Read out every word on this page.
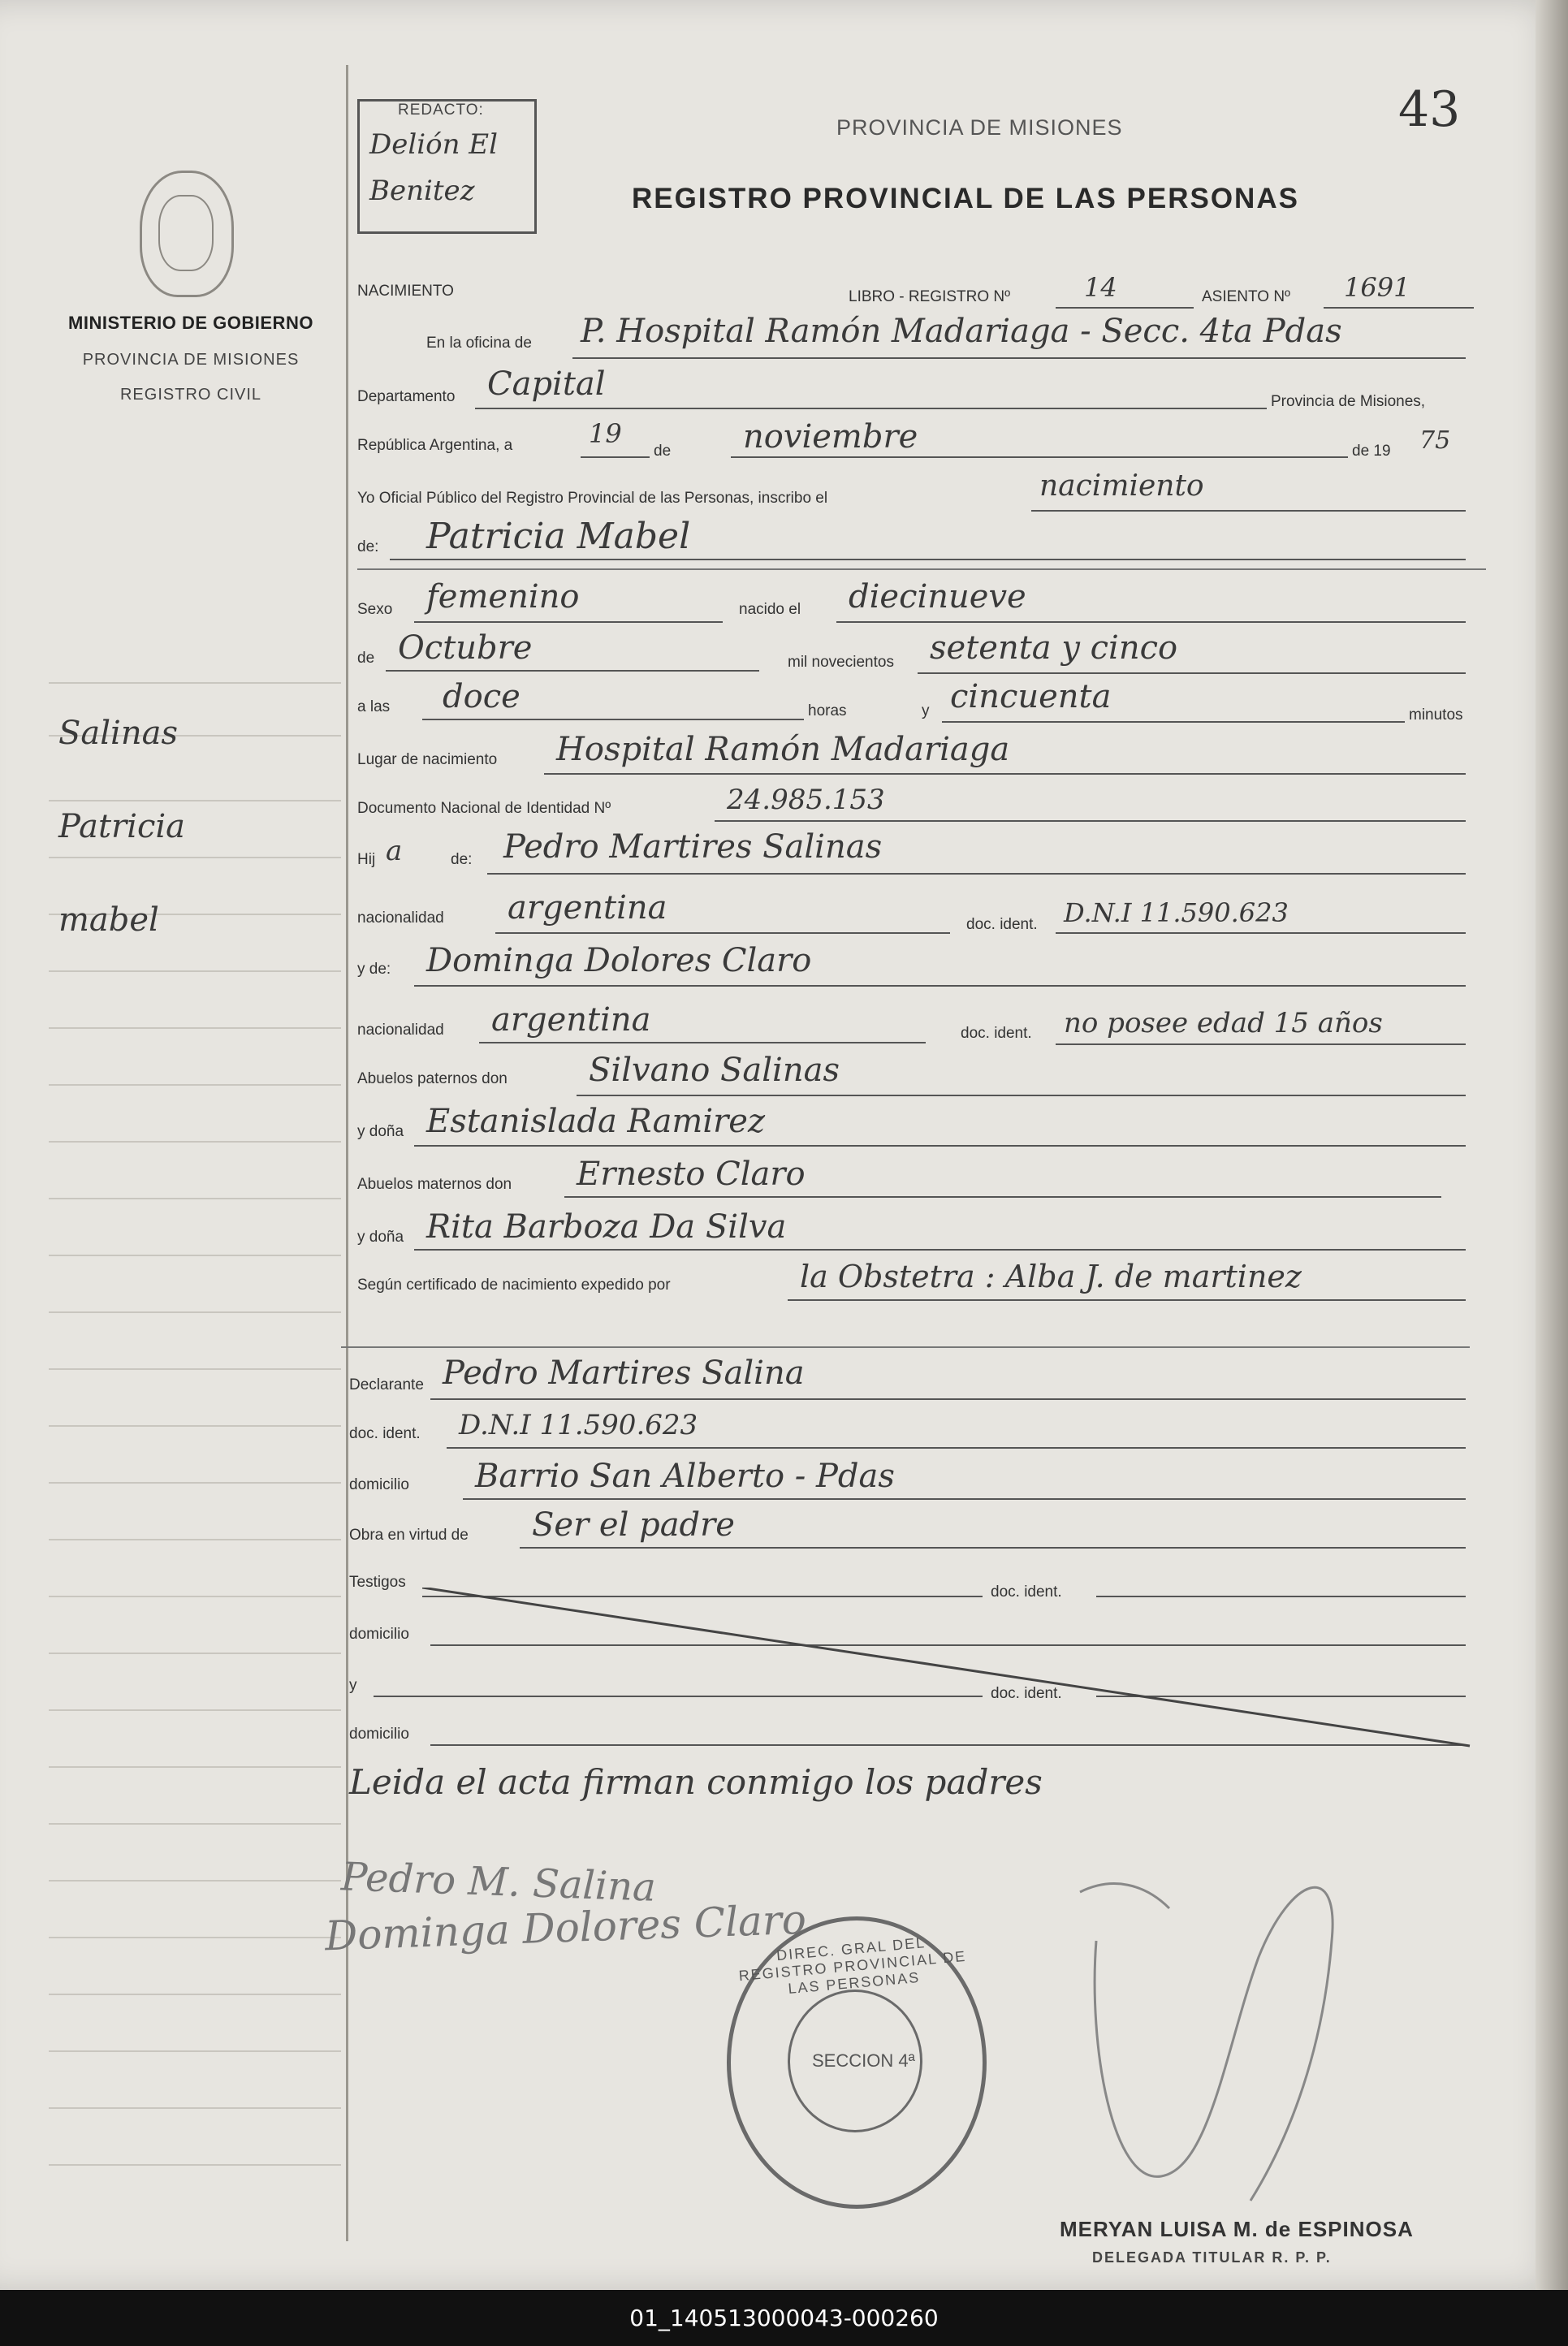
MINISTERIO DE GOBIERNO
PROVINCIA DE MISIONES
REGISTRO CIVIL
Salinas
Patricia
mabel
REDACTO:
Delión El
Benitez
PROVINCIA DE MISIONES
REGISTRO PROVINCIAL DE LAS PERSONAS
43
NACIMIENTO	LIBRO - REGISTRO Nº	14	ASIENTO Nº 1691
En la oficina de P. Hospital Ramón Madariaga - Secc. 4ta Pdas
Departamento Capital	Provincia de Misiones,
República Argentina, a	19
de noviembre	de 19 75
Yo Oficial Público del Registro Provincial de las Personas, inscribo el	nacimiento
de: Patricia Mabel
Sexo femenino	nacido el diecinueve
de Octubre	mil novecientos setenta y cinco
a las doce	horas	y cincuenta	minutos
Lugar de nacimiento Hospital Ramón Madariaga
Documento Nacional de Identidad Nº	24.985.153
Hij a	de: Pedro Martires Salinas
nacionalidad argentina	doc. ident. D.N.I 11.590.623
y de: Dominga Dolores Claro
nacionalidad argentina	doc. ident. no posee edad 15 años
Abuelos paternos don	Silvano Salinas
y doña Estanislada Ramirez
Abuelos maternos don Ernesto Claro
y doña Rita Barboza Da Silva
Según certificado de nacimiento expedido por	la Obstetra : Alba J. de martinez
Declarante Pedro Martires Salina
doc. ident. D.N.I 11.590.623
domicilio Barrio San Alberto - Pdas
Obra en virtud de Ser el padre
Testigos
doc. ident.
domicilio
y	doc. ident.
domicilio
Leida el acta firman conmigo los padres
Pedro M. Salina
Dominga Dolores Claro
DIREC. GRAL DEL REGISTRO PROVINCIAL DE LAS PERSONAS
SECCION 4ª
MERYAN LUISA M. de ESPINOSA
DELEGADA TITULAR R. P. P.
01_140513000043-000260
